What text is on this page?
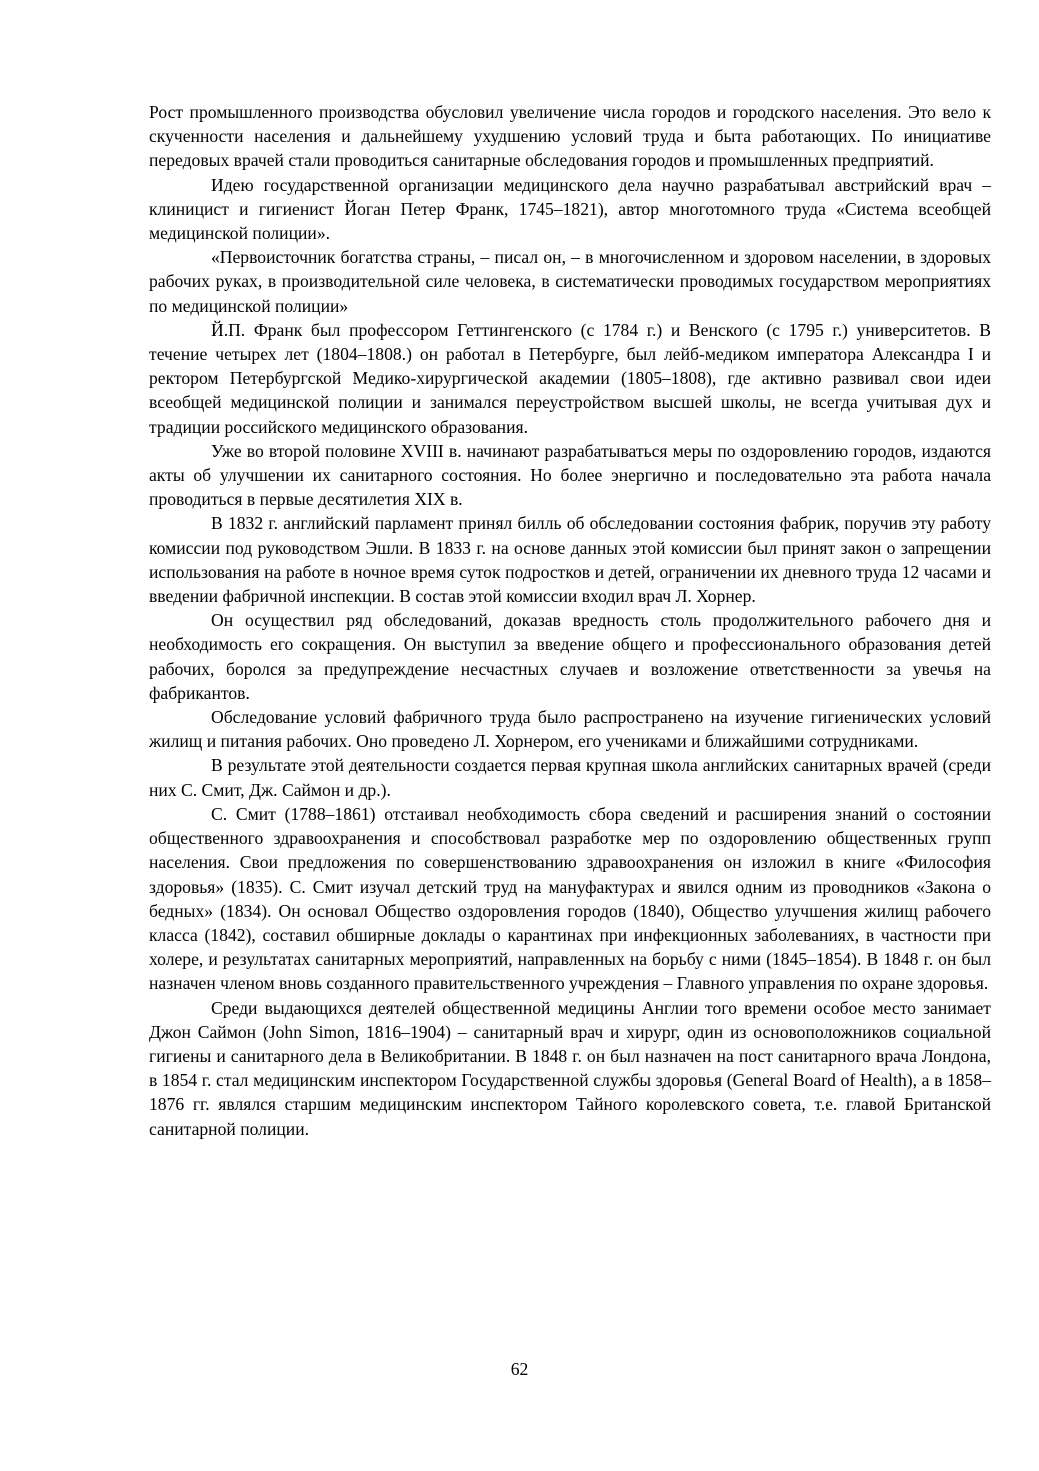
Рост промышленного производства обусловил увеличение числа городов и городского населения. Это вело к скученности населения и дальнейшему ухудшению условий труда и быта работающих. По инициативе передовых врачей стали проводиться санитарные обследования городов и промышленных предприятий.

Идею государственной организации медицинского дела научно разрабатывал австрийский врач – клиницист и гигиенист Йоган Петер Франк, 1745–1821), автор многотомного труда «Система всеобщей медицинской полиции».

«Первоисточник богатства страны, – писал он, – в многочисленном и здоровом населении, в здоровых рабочих руках, в производительной силе человека, в систематически проводимых государством мероприятиях по медицинской полиции»

Й.П. Франк был профессором Геттингенского (с 1784 г.) и Венского (с 1795 г.) университетов. В течение четырех лет (1804–1808.) он работал в Петербурге, был лейб-медиком императора Александра I и ректором Петербургской Медико-хирургической академии (1805–1808), где активно развивал свои идеи всеобщей медицинской полиции и занимался переустройством высшей школы, не всегда учитывая дух и традиции российского медицинского образования.

Уже во второй половине XVIII в. начинают разрабатываться меры по оздоровлению городов, издаются акты об улучшении их санитарного состояния. Но более энергично и последовательно эта работа начала проводиться в первые десятилетия XIX в.

В 1832 г. английский парламент принял билль об обследовании состояния фабрик, поручив эту работу комиссии под руководством Эшли. В 1833 г. на основе данных этой комиссии был принят закон о запрещении использования на работе в ночное время суток подростков и детей, ограничении их дневного труда 12 часами и введении фабричной инспекции. В состав этой комиссии входил врач Л. Хорнер.

Он осуществил ряд обследований, доказав вредность столь продолжительного рабочего дня и необходимость его сокращения. Он выступил за введение общего и профессионального образования детей рабочих, боролся за предупреждение несчастных случаев и возложение ответственности за увечья на фабрикантов.

Обследование условий фабричного труда было распространено на изучение гигиенических условий жилищ и питания рабочих. Оно проведено Л. Хорнером, его учениками и ближайшими сотрудниками.

В результате этой деятельности создается первая крупная школа английских санитарных врачей (среди них С. Смит, Дж. Саймон и др.).

С. Смит (1788–1861) отстаивал необходимость сбора сведений и расширения знаний о состоянии общественного здравоохранения и способствовал разработке мер по оздоровлению общественных групп населения. Свои предложения по совершенствованию здравоохранения он изложил в книге «Философия здоровья» (1835). С. Смит изучал детский труд на мануфактурах и явился одним из проводников «Закона о бедных» (1834). Он основал Общество оздоровления городов (1840), Общество улучшения жилищ рабочего класса (1842), составил обширные доклады о карантинах при инфекционных заболеваниях, в частности при холере, и результатах санитарных мероприятий, направленных на борьбу с ними (1845–1854). В 1848 г. он был назначен членом вновь созданного правительственного учреждения – Главного управления по охране здоровья.

Среди выдающихся деятелей общественной медицины Англии того времени особое место занимает Джон Саймон (John Simon, 1816–1904) – санитарный врач и хирург, один из основоположников социальной гигиены и санитарного дела в Великобритании. В 1848 г. он был назначен на пост санитарного врача Лондона, в 1854 г. стал медицинским инспектором Государственной службы здоровья (General Board of Health), а в 1858–1876 гг. являлся старшим медицинским инспектором Тайного королевского совета, т.е. главой Британской санитарной полиции.

62
